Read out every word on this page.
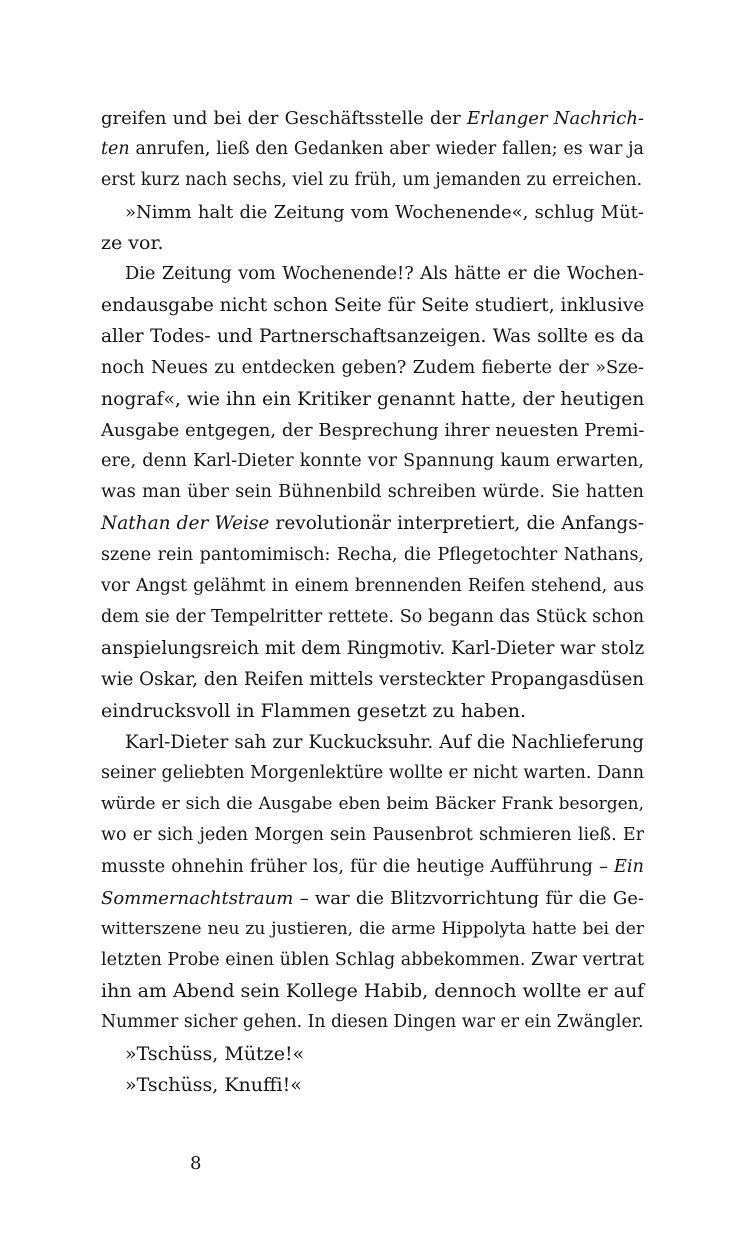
greifen und bei der Geschäftsstelle der Erlanger Nachrich-
ten anrufen, ließ den Gedanken aber wieder fallen; es war ja
erst kurz nach sechs, viel zu früh, um jemanden zu erreichen.
»Nimm halt die Zeitung vom Wochenende«, schlug Müt-
ze vor.
Die Zeitung vom Wochenende!? Als hätte er die Wochen-
endausgabe nicht schon Seite für Seite studiert, inklusive
aller Todes- und Partnerschaftsanzeigen. Was sollte es da
noch Neues zu entdecken geben? Zudem fieberte der »Sze-
nograf«, wie ihn ein Kritiker genannt hatte, der heutigen
Ausgabe entgegen, der Besprechung ihrer neuesten Premi-
ere, denn Karl-Dieter konnte vor Spannung kaum erwarten,
was man über sein Bühnenbild schreiben würde. Sie hatten
Nathan der Weise revolutionär interpretiert, die Anfangs-
szene rein pantomimisch: Recha, die Pflegetochter Nathans,
vor Angst gelähmt in einem brennenden Reifen stehend, aus
dem sie der Tempelritter rettete. So begann das Stück schon
anspielungsreich mit dem Ringmotiv. Karl-Dieter war stolz
wie Oskar, den Reifen mittels versteckter Propangasdüsen
eindrucksvoll in Flammen gesetzt zu haben.
Karl-Dieter sah zur Kuckucksuhr. Auf die Nachlieferung
seiner geliebten Morgenlektüre wollte er nicht warten. Dann
würde er sich die Ausgabe eben beim Bäcker Frank besorgen,
wo er sich jeden Morgen sein Pausenbrot schmieren ließ. Er
musste ohnehin früher los, für die heutige Aufführung – Ein
Sommernachtstraum – war die Blitzvorrichtung für die Ge-
witterszene neu zu justieren, die arme Hippolyta hatte bei der
letzten Probe einen üblen Schlag abbekommen. Zwar vertrat
ihn am Abend sein Kollege Habib, dennoch wollte er auf
Nummer sicher gehen. In diesen Dingen war er ein Zwängler.
»Tschüss, Mütze!«
»Tschüss, Knuffi!«
8
